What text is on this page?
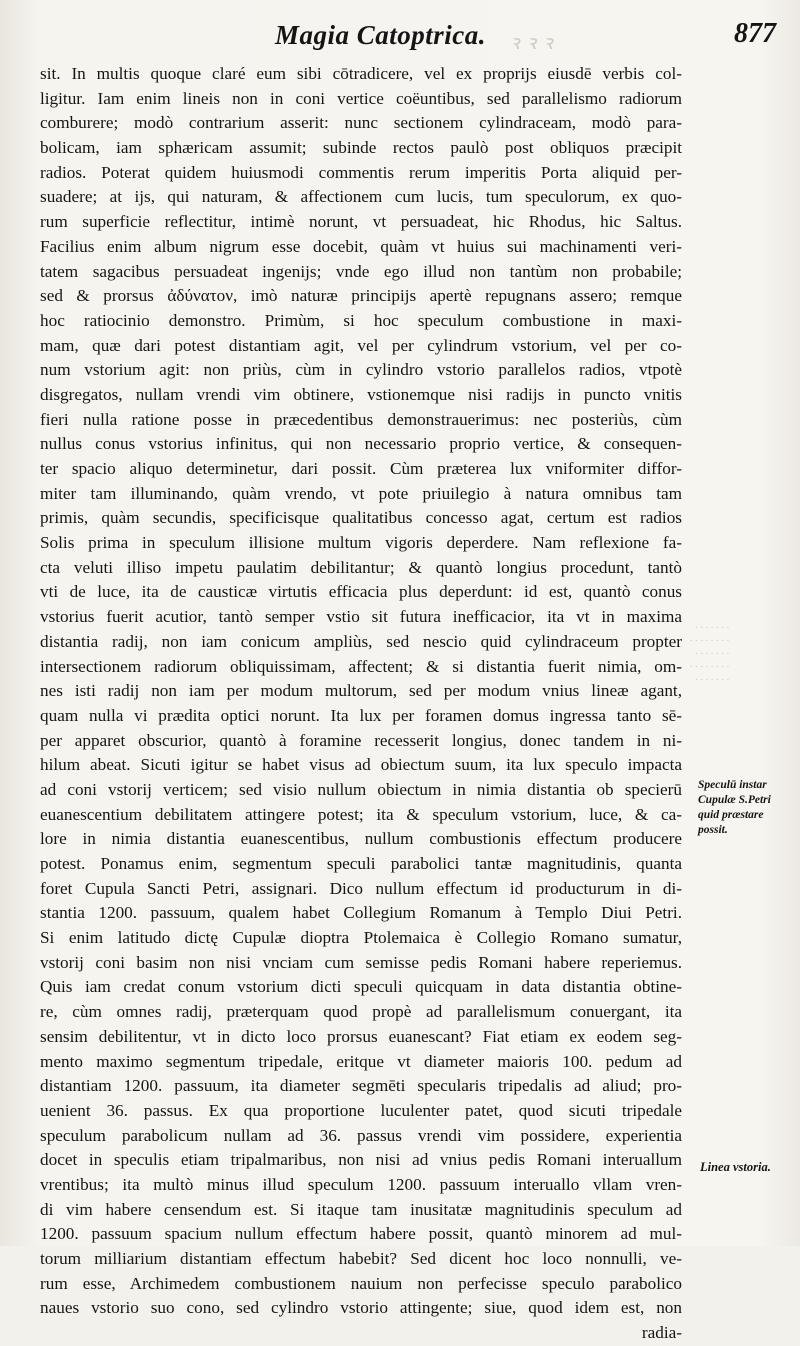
ꝛ ꝛ ꝛ
Magia Catoptrica.	877
sit. In multis quoque claré eum sibi cōtradicere, vel ex proprijs eiusdē verbis col-
ligitur. Iam enim lineis non in coni vertice coëuntibus, sed parallelismo radiorum
comburere; modò contrarium asserit: nunc sectionem cylindraceam, modò para-
bolicam, iam sphæricam assumit; subinde rectos paulò post obliquos præcipit
radios. Poterat quidem huiusmodi commentis rerum imperitis Porta aliquid per-
suadere; at ijs, qui naturam, & affectionem cum lucis, tum speculorum, ex quo-
rum superficie reflectitur, intimè norunt, vt persuadeat, hic Rhodus, hic Saltus.
Facilius enim album nigrum esse docebit, quàm vt huius sui machinamenti veri-
tatem sagacibus persuadeat ingenijs; vnde ego illud non tantùm non probabile;
sed & prorsus ἀδύνατον, imò naturæ principijs apertè repugnans assero; remque
hoc ratiocinio demonstro. Primùm, si hoc speculum combustione in maxi-
mam, quæ dari potest distantiam agit, vel per cylindrum vstorium, vel per co-
num vstorium agit: non priùs, cùm in cylindro vstorio parallelos radios, vtpotè
disgregatos, nullam vrendi vim obtinere, vstionemque nisi radijs in puncto vnitis
fieri nulla ratione posse in præcedentibus demonstrauerimus: nec posteriùs, cùm
nullus conus vstorius infinitus, qui non necessario proprio vertice, & consequen-
ter spacio aliquo determinetur, dari possit. Cùm præterea lux vniformiter diffor-
miter tam illuminando, quàm vrendo, vt pote priuilegio à natura omnibus tam
primis, quàm secundis, specificisque qualitatibus concesso agat, certum est radios
Solis prima in speculum illisione multum vigoris deperdere. Nam reflexione fa-
cta veluti illiso impetu paulatim debilitantur; & quantò longius procedunt, tantò
vti de luce, ita de causticæ virtutis efficacia plus deperdunt: id est, quantò conus
vstorius fuerit acutior, tantò semper vstio sit futura inefficacior, ita vt in maxima
distantia radij, non iam conicum ampliùs, sed nescio quid cylindraceum propter
intersectionem radiorum obliquissimam, affectent; & si distantia fuerit nimia, om-
nes isti radij non iam per modum multorum, sed per modum vnius lineæ agant,
quam nulla vi prædita optici norunt. Ita lux per foramen domus ingressa tanto sē-
per apparet obscurior, quantò à foramine recesserit longius, donec tandem in ni-
hilum abeat. Sicuti igitur se habet visus ad obiectum suum, ita lux speculo impacta
ad coni vstorij verticem; sed visio nullum obiectum in nimia distantia ob specierū
euanescentium debilitatem attingere potest; ita & speculum vstorium, luce, & ca-
lore in nimia distantia euanescentibus, nullum combustionis effectum producere
potest. Ponamus enim, segmentum speculi parabolici tantæ magnitudinis, quanta
foret Cupula Sancti Petri, assignari. Dico nullum effectum id producturum in di-
stantia 1200. passuum, qualem habet Collegium Romanum à Templo Diui Petri.
Si enim latitudo dictę Cupulæ dioptra Ptolemaica è Collegio Romano sumatur,
vstorij coni basim non nisi vnciam cum semisse pedis Romani habere reperiemus.
Quis iam credat conum vstorium dicti speculi quicquam in data distantia obtine-
re, cùm omnes radij, præterquam quod propè ad parallelismum conuergant, ita
sensim debilitentur, vt in dicto loco prorsus euanescant? Fiat etiam ex eodem seg-
mento maximo segmentum tripedale, eritque vt diameter maioris 100. pedum ad
distantiam 1200. passuum, ita diameter segmēti specularis tripedalis ad aliud; pro-
uenient 36. passus. Ex qua proportione luculenter patet, quod sicuti tripedale
speculum parabolicum nullam ad 36. passus vrendi vim possidere, experientia
docet in speculis etiam tripalmaribus, non nisi ad vnius pedis Romani interuallum
vrentibus; ita multò minus illud speculum 1200. passuum interuallo vllam vren-
di vim habere censendum est. Si itaque tam inusitatæ magnitudinis speculum ad
1200. passuum spacium nullum effectum habere possit, quantò minorem ad mul-
torum milliarium distantiam effectum habebit? Sed dicent hoc loco nonnulli, ve-
rum esse, Archimedem combustionem nauium non perfecisse speculo parabolico
naues vstorio suo cono, sed cylindro vstorio attingente; siue, quod idem est, non
radia-
· · · · · · ·
· · · · · · · ·
· · · · · · ·
· · · · · · · ·
· · · · · · ·
Speculū instar
Cupulæ S.Petri
quid præstare
possit.
Linea vstoria.
